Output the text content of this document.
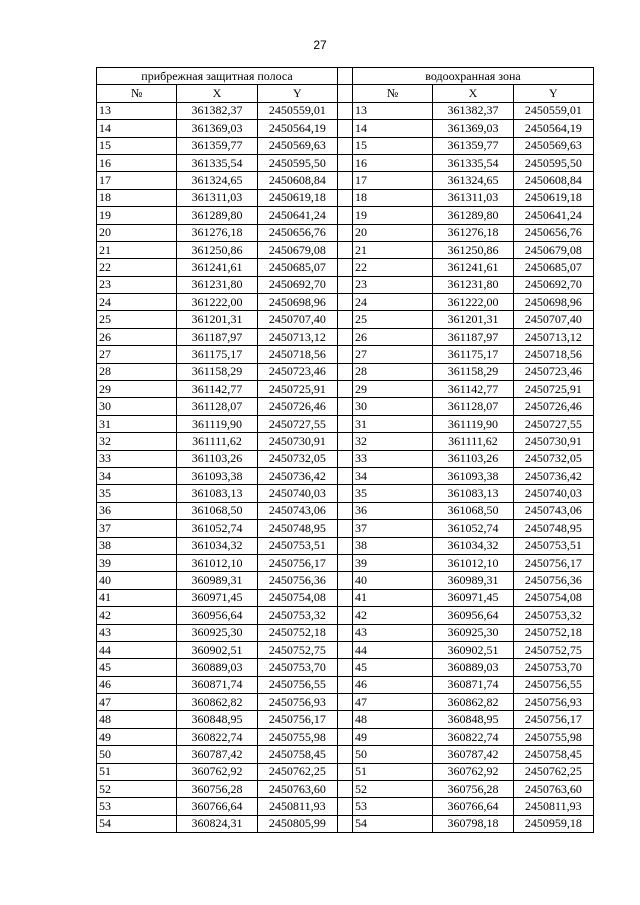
27
прибрежная защитная полоса				водоохранная зона		
№	X	Y		№	X	Y
13	361382,37	2450559,01		13	361382,37	2450559,01
14	361369,03	2450564,19		14	361369,03	2450564,19
15	361359,77	2450569,63		15	361359,77	2450569,63
16	361335,54	2450595,50		16	361335,54	2450595,50
17	361324,65	2450608,84		17	361324,65	2450608,84
18	361311,03	2450619,18		18	361311,03	2450619,18
19	361289,80	2450641,24		19	361289,80	2450641,24
20	361276,18	2450656,76		20	361276,18	2450656,76
21	361250,86	2450679,08		21	361250,86	2450679,08
22	361241,61	2450685,07		22	361241,61	2450685,07
23	361231,80	2450692,70		23	361231,80	2450692,70
24	361222,00	2450698,96		24	361222,00	2450698,96
25	361201,31	2450707,40		25	361201,31	2450707,40
26	361187,97	2450713,12		26	361187,97	2450713,12
27	361175,17	2450718,56		27	361175,17	2450718,56
28	361158,29	2450723,46		28	361158,29	2450723,46
29	361142,77	2450725,91		29	361142,77	2450725,91
30	361128,07	2450726,46		30	361128,07	2450726,46
31	361119,90	2450727,55		31	361119,90	2450727,55
32	361111,62	2450730,91		32	361111,62	2450730,91
33	361103,26	2450732,05		33	361103,26	2450732,05
34	361093,38	2450736,42		34	361093,38	2450736,42
35	361083,13	2450740,03		35	361083,13	2450740,03
36	361068,50	2450743,06		36	361068,50	2450743,06
37	361052,74	2450748,95		37	361052,74	2450748,95
38	361034,32	2450753,51		38	361034,32	2450753,51
39	361012,10	2450756,17		39	361012,10	2450756,17
40	360989,31	2450756,36		40	360989,31	2450756,36
41	360971,45	2450754,08		41	360971,45	2450754,08
42	360956,64	2450753,32		42	360956,64	2450753,32
43	360925,30	2450752,18		43	360925,30	2450752,18
44	360902,51	2450752,75		44	360902,51	2450752,75
45	360889,03	2450753,70		45	360889,03	2450753,70
46	360871,74	2450756,55		46	360871,74	2450756,55
47	360862,82	2450756,93		47	360862,82	2450756,93
48	360848,95	2450756,17		48	360848,95	2450756,17
49	360822,74	2450755,98		49	360822,74	2450755,98
50	360787,42	2450758,45		50	360787,42	2450758,45
51	360762,92	2450762,25		51	360762,92	2450762,25
52	360756,28	2450763,60		52	360756,28	2450763,60
53	360766,64	2450811,93		53	360766,64	2450811,93
54	360824,31	2450805,99		54	360798,18	2450959,18
